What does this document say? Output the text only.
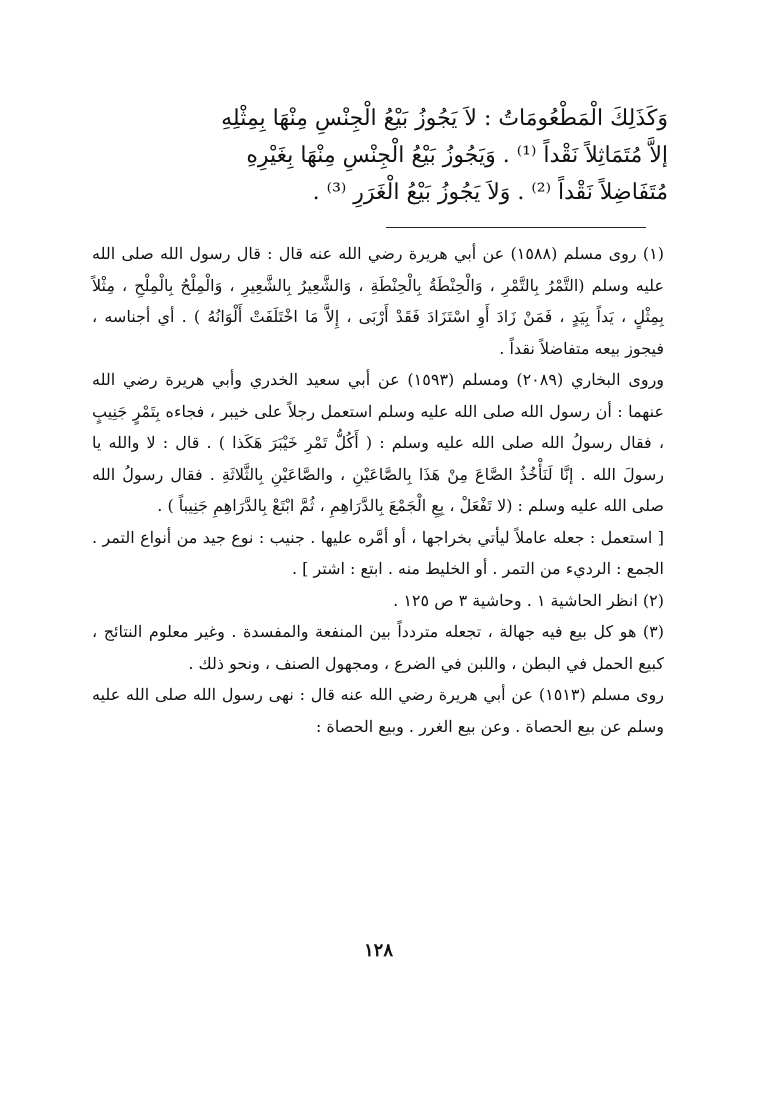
وَكَذَلِكَ الْمَطْعُومَاتُ : لاَ يَجُوزُ بَيْعُ الْجِنْسِ مِنْهَا بِمِثْلِهِ

إلاَّ مُتَمَاثِلاً نَقْداً ⁽¹⁾ . وَيَجُوزُ بَيْعُ الْجِنْسِ مِنْهَا بِغَيْرِهِ

مُتَفَاضِلاً نَقْداً ⁽²⁾ . وَلاَ يَجُوزُ بَيْعُ الْغَرَرِ ⁽³⁾ .

(١) روى مسلم (١٥٨٨) عن أبي هريرة رضي الله عنه قال : قال رسول الله صلى الله عليه وسلم (التَّمْرُ بِالتَّمْرِ ، وَالْحِنْطَةُ بِالْحِنْطَةِ ، وَالشَّعِيرُ بِالشَّعِيرِ ، وَالْمِلْحُ بِالْمِلْحِ ، مِثْلاً بِمِثْلٍ ، يَداً بِيَدٍ ، فَمَنْ زَادَ أَوِ اسْتَزَادَ فَقَدْ أَرْبَى ، إِلاَّ مَا اخْتَلَفَتْ أَلْوَانُهُ ) . أي أجناسه ، فيجوز بيعه متفاضلاً نقداً .

وروى البخاري (٢٠٨٩) ومسلم (١٥٩٣) عن أبي سعيد الخدري وأبي هريرة رضي الله عنهما : أن رسول الله صلى الله عليه وسلم استعمل رجلاً على خيبر ، فجاءه بِتَمْرٍ جَنِيبٍ ، فقال رسولُ الله صلى الله عليه وسلم : ( أَكُلُّ تَمْرِ خَيْبَرَ هَكَذا ) . قال : لا والله يا رسولَ الله . إنَّا لَنَأْخُذُ الصَّاعَ مِنْ هَذَا بِالصَّاعَيْنِ ، والصَّاعَيْنِ بِالثَّلاثَةِ . فقال رسولُ الله صلى الله عليه وسلم : (لا تَفْعَلْ ، بِعِ الْجَمْعَ بِالدَّرَاهِمِ ، ثُمَّ ابْتَعْ بِالدَّرَاهِمِ جَنِيباً ) .

[ استعمل : جعله عاملاً ليأتي بخراجها ، أو أمَّره عليها . جنيب : نوع جيد من أنواع التمر . الجمع : الرديء من التمر . أو الخليط منه . ابتع : اشتر ] .

(٢) انظر الحاشية ١ . وحاشية ٣ ص ١٢٥ .

(٣) هو كل بيع فيه جهالة ، تجعله متردداً بين المنفعة والمفسدة . وغير معلوم النتائج ، كبيع الحمل في البطن ، واللبن في الضرع ، ومجهول الصنف ، ونحو ذلك .

روى مسلم (١٥١٣) عن أبي هريرة رضي الله عنه قال : نهى رسول الله صلى الله عليه وسلم عن بيع الحصاة . وعن بيع الغرر . وبيع الحصاة :

١٢٨
